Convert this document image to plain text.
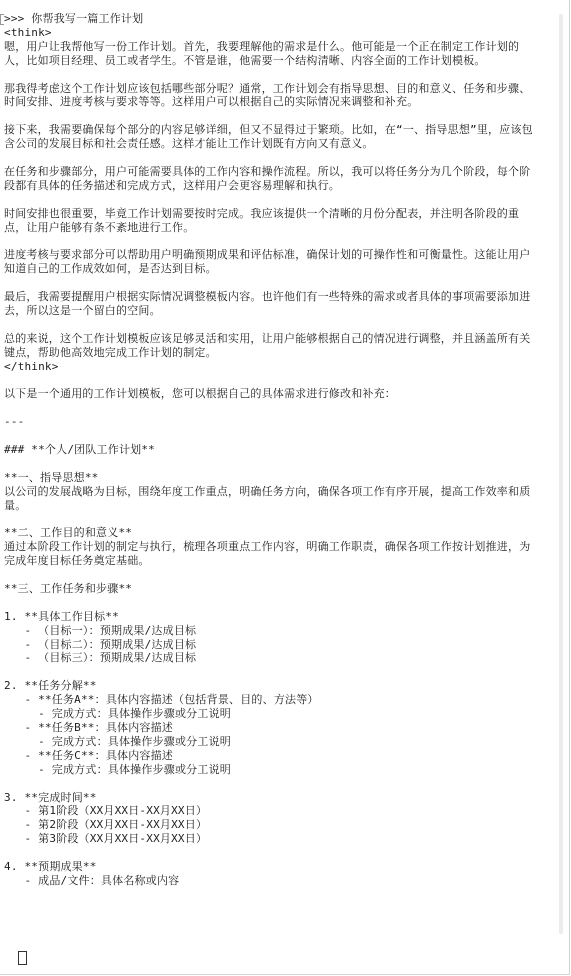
>>> 你帮我写一篇工作计划
<think>
嗯，用户让我帮他写一份工作计划。首先，我要理解他的需求是什么。他可能是一个正在制定工作计划的人，比如项目经理、员工或者学生。不管是谁，他需要一个结构清晰、内容全面的工作计划模板。
那我得考虑这个工作计划应该包括哪些部分呢？通常，工作计划会有指导思想、目的和意义、任务和步骤、时间安排、进度考核与要求等等。这样用户可以根据自己的实际情况来调整和补充。
接下来，我需要确保每个部分的内容足够详细，但又不显得过于繁琐。比如，在“一、指导思想”里，应该包含公司的发展目标和社会责任感。这样才能让工作计划既有方向又有意义。
在任务和步骤部分，用户可能需要具体的工作内容和操作流程。所以，我可以将任务分为几个阶段，每个阶段都有具体的任务描述和完成方式，这样用户会更容易理解和执行。
时间安排也很重要，毕竟工作计划需要按时完成。我应该提供一个清晰的月份分配表，并注明各阶段的重点，让用户能够有条不紊地进行工作。
进度考核与要求部分可以帮助用户明确预期成果和评估标准，确保计划的可操作性和可衡量性。这能让用户知道自己的工作成效如何，是否达到目标。
最后，我需要提醒用户根据实际情况调整模板内容。也许他们有一些特殊的需求或者具体的事项需要添加进去，所以这是一个留白的空间。
总的来说，这个工作计划模板应该足够灵活和实用，让用户能够根据自己的情况进行调整，并且涵盖所有关键点，帮助他高效地完成工作计划的制定。
</think>
以下是一个通用的工作计划模板，您可以根据自己的具体需求进行修改和补充：
---
### **个人/团队工作计划**
**一、指导思想**
以公司的发展战略为目标，围绕年度工作重点，明确任务方向，确保各项工作有序开展，提高工作效率和质量。
**二、工作目的和意义**
通过本阶段工作计划的制定与执行，梳理各项重点工作内容，明确工作职责，确保各项工作按计划推进，为完成年度目标任务奠定基础。
**三、工作任务和步骤**
1. **具体工作目标**
- （目标一）：预期成果/达成目标
- （目标二）：预期成果/达成目标
- （目标三）：预期成果/达成目标
2. **任务分解**
- **任务A**：具体内容描述（包括背景、目的、方法等）
- 完成方式：具体操作步骤或分工说明
- **任务B**：具体内容描述
- 完成方式：具体操作步骤或分工说明
- **任务C**：具体内容描述
- 完成方式：具体操作步骤或分工说明
3. **完成时间**
- 第1阶段（XX月XX日-XX月XX日）
- 第2阶段（XX月XX日-XX月XX日）
- 第3阶段（XX月XX日-XX月XX日）
4. **预期成果**
- 成品/文件：具体名称或内容
